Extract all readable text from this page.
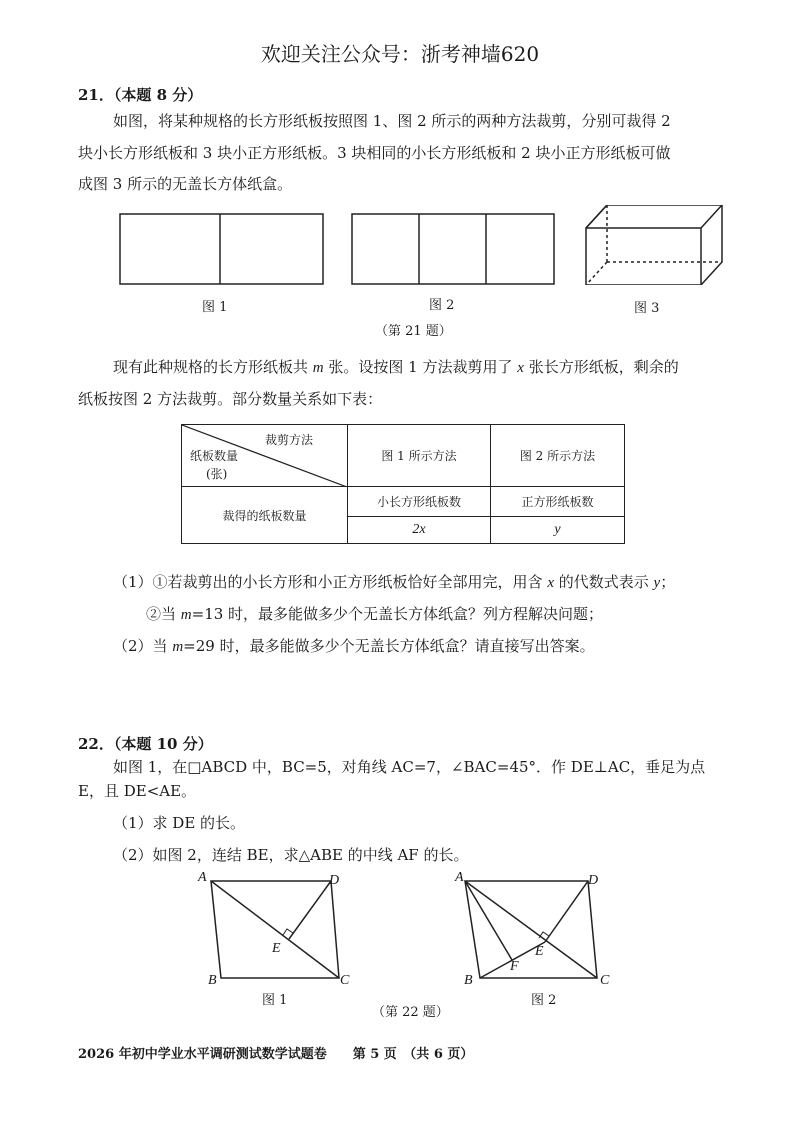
欢迎关注公众号：浙考神墙620
21．（本题 8 分）
如图，将某种规格的长方形纸板按照图 1、图 2 所示的两种方法裁剪，分别可裁得 2
块小长方形纸板和 3 块小正方形纸板。3 块相同的小长方形纸板和 2 块小正方形纸板可做
成图 3 所示的无盖长方体纸盒。
图 1	图 2	图 3
（第 21 题）
现有此种规格的长方形纸板共 m 张。设按图 1 方法裁剪用了 x 张长方形纸板，剩余的
纸板按图 2 方法裁剪。部分数量关系如下表：
裁剪方法
纸板数量
(张)	图 1 所示方法	图 2 所示方法
裁得的纸板数量	小长方形纸板数	正方形纸板数
	2x	y
（1）①若裁剪出的小长方形和小正方形纸板恰好全部用完，用含 x 的代数式表示 y；
②当 m=13 时，最多能做多少个无盖长方体纸盒？列方程解决问题；
（2）当 m=29 时，最多能做多少个无盖长方体纸盒？请直接写出答案。
22．（本题 10 分）
如图 1，在□ABCD 中，BC=5，对角线 AC=7，∠BAC=45°．作 DE⊥AC，垂足为点
E，且 DE<AE。
（1）求 DE 的长。
（2）如图 2，连结 BE，求△ABE 的中线 AF 的长。
A	D
E
B	C
A	D
E
F
B	C
图 1	图 2
（第 22 题）
2026 年初中学业水平调研测试数学试题卷　　第 5 页　（共 6 页）
